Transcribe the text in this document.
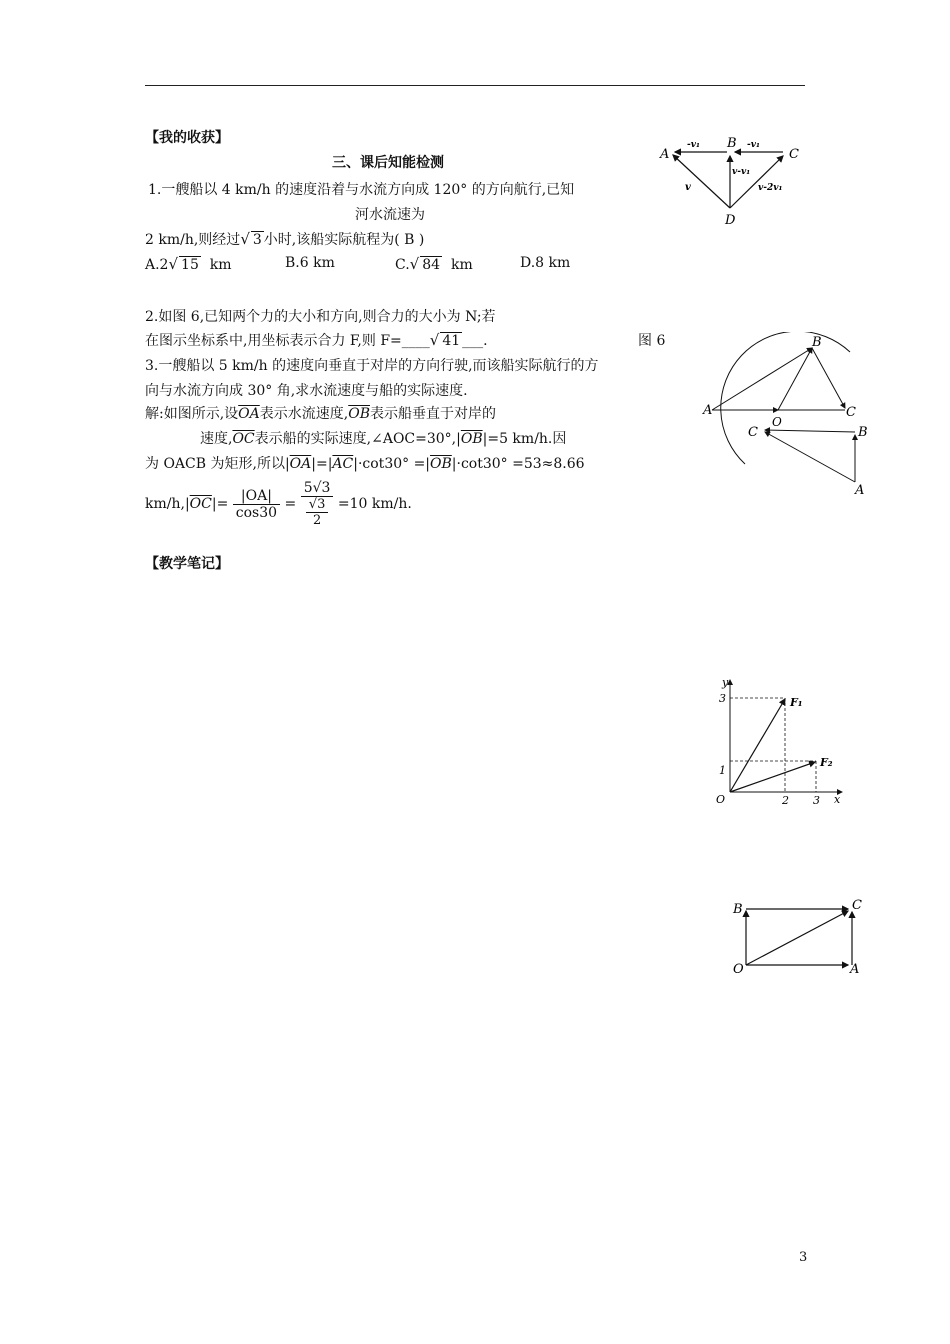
【我的收获】
三、课后知能检测
1.一艘船以 4 km/h 的速度沿着与水流方向成 120° 的方向航行,已知
河水流速为
2 km/h,则经过√ 3 小时,该船实际航程为( B )
A.2√ 15 km	B.6 km	C.√ 84 km	D.8 km
2.如图 6,已知两个力的大小和方向,则合力的大小为 N;若
在图示坐标系中,用坐标表示合力 F,则 F=____√ 41 ___.	图 6
3.一艘船以 5 km/h 的速度向垂直于对岸的方向行驶,而该船实际航行的方
向与水流方向成 30° 角,求水流速度与船的实际速度.
解:如图所示,设$\overline{OA}$表示水流速度$,\overline{OB}$表示船垂直于对岸的
速度$,\overline{OC}$表示船的实际速度$,\angle AOC=30^\circ,|\overline{OB}|=5$ km/h.因
为 OACB 为矩形,所以$|\overline{OA}|=|\overline{AC}|\cdot\cot 30^\circ =|\overline{OB}|\cdot\cot 30^\circ =53\approx 8.66$
$km/h,|\overline{OC}|= \frac{|OA|}{\cos 30} = \frac{5√3}{\frac{√3}{2}} =10$ km/h.
【教学笔记】
3
A
B
C
D
-v₁	-v₁
v
v-v₁
v-2v₁
A
B
C
O
C	B
A
y
x
O
F₁
F₂
3
1
2 3
B	C
O	A
